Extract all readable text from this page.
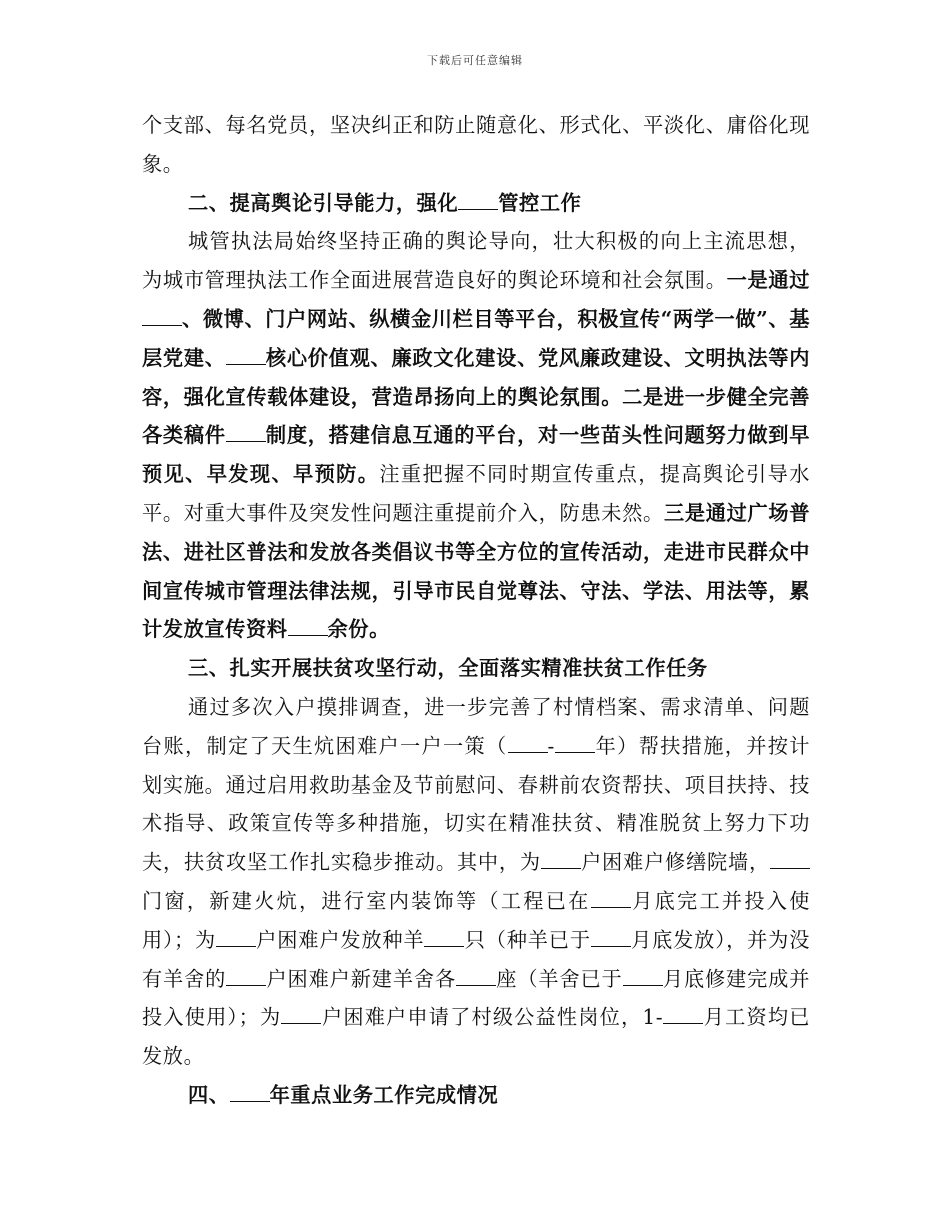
下载后可任意编辑

个支部、每名党员，坚决纠正和防止随意化、形式化、平淡化、庸俗化现象。

二、提高舆论引导能力，强化 管控工作

城管执法局始终坚持正确的舆论导向，壮大积极的向上主流思想，为城市管理执法工作全面进展营造良好的舆论环境和社会氛围。一是通过、微博、门户网站、纵横金川栏目等平台，积极宣传“两学一做”、基层党建、 核心价值观、廉政文化建设、党风廉政建设、文明执法等内容，强化宣传载体建设，营造昂扬向上的舆论氛围。二是进一步健全完善各类稿件 制度，搭建信息互通的平台，对一些苗头性问题努力做到早预见、早发现、早预防。注重把握不同时期宣传重点，提高舆论引导水平。对重大事件及突发性问题注重提前介入，防患未然。三是通过广场普法、进社区普法和发放各类倡议书等全方位的宣传活动，走进市民群众中间宣传城市管理法律法规，引导市民自觉尊法、守法、学法、用法等，累计发放宣传资料 余份。

三、扎实开展扶贫攻坚行动，全面落实精准扶贫工作任务

通过多次入户摸排调查，进一步完善了村情档案、需求清单、问题台账，制定了天生炕困难户一户一策（ - 年）帮扶措施，并按计划实施。通过启用救助基金及节前慰问、春耕前农资帮扶、项目扶持、技术指导、政策宣传等多种措施，切实在精准扶贫、精准脱贫上努力下功夫，扶贫攻坚工作扎实稳步推动。其中，为 户困难户修缮院墙，门窗，新建火炕，进行室内装饰等（工程已在 月底完工并投入使用）；为 户困难户发放种羊 只（种羊已于 月底发放），并为没有羊舍的 户困难户新建羊舍各 座（羊舍已于 月底修建完成并投入使用）；为 户困难户申请了村级公益性岗位，1- 月工资均已发放。

四、 年重点业务工作完成情况
